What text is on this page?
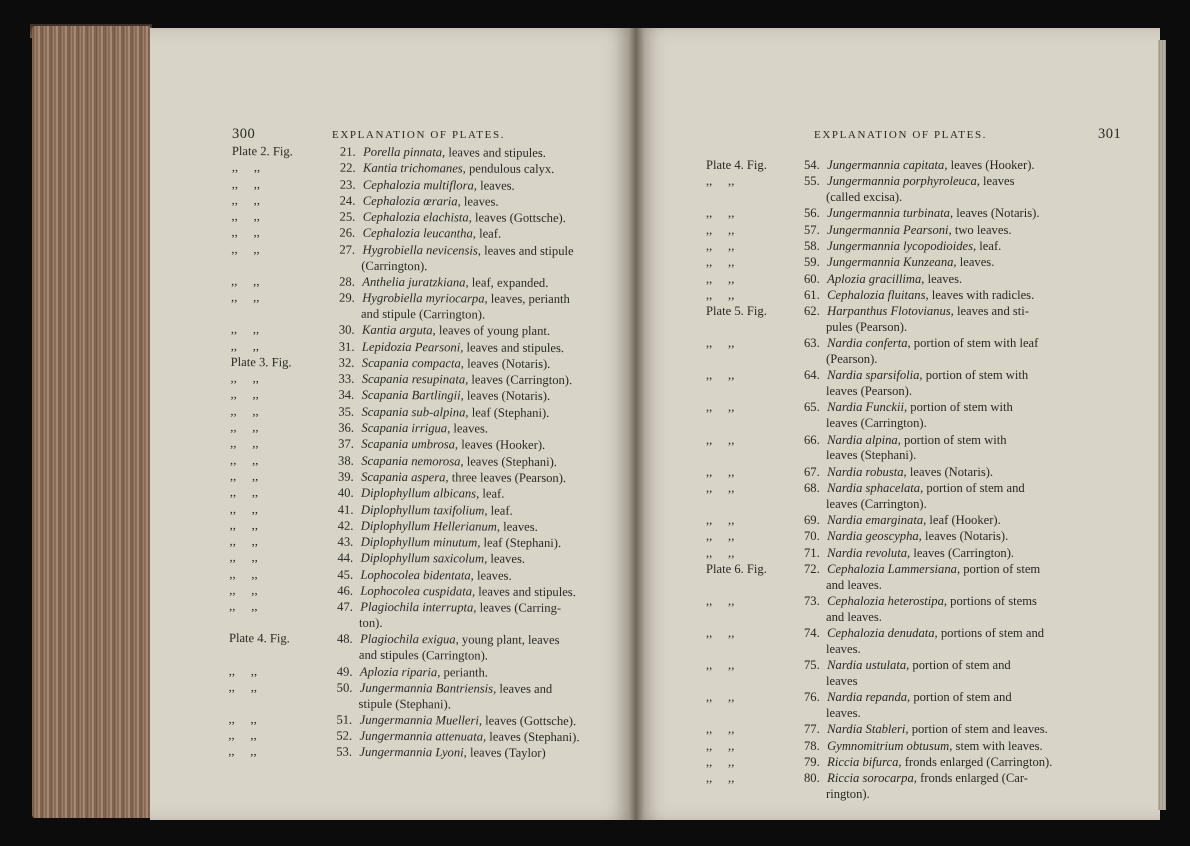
300	EXPLANATION OF PLATES.	EXPLANATION OF PLATES.	301
Plate 2. Fig.	21. Porella pinnata, leaves and stipules.
,,     ,,	22. Kantia trichomanes, pendulous calyx.
,,     ,,	23. Cephalozia multiflora, leaves.
,,     ,,	24. Cephalozia œraria, leaves.
,,     ,,	25. Cephalozia elachista, leaves (Gottsche).
,,     ,,	26. Cephalozia leucantha, leaf.
,,     ,,	27. Hygrobiella nevicensis, leaves and stipule
(Carrington).
,,     ,,	28. Anthelia juratzkiana, leaf, expanded.
,,     ,,	29. Hygrobiella myriocarpa, leaves, perianth
and stipule (Carrington).
,,     ,,	30. Kantia arguta, leaves of young plant.
,,     ,,	31. Lepidozia Pearsoni, leaves and stipules.
Plate 3. Fig.	32. Scapania compacta, leaves (Notaris).
,,     ,,	33. Scapania resupinata, leaves (Carrington).
,,     ,,	34. Scapania Bartlingii, leaves (Notaris).
,,     ,,	35. Scapania sub-alpina, leaf (Stephani).
,,     ,,	36. Scapania irrigua, leaves.
,,     ,,	37. Scapania umbrosa, leaves (Hooker).
,,     ,,	38. Scapania nemorosa, leaves (Stephani).
,,     ,,	39. Scapania aspera, three leaves (Pearson).
,,     ,,	40. Diplophyllum albicans, leaf.
,,     ,,	41. Diplophyllum taxifolium, leaf.
,,     ,,	42. Diplophyllum Hellerianum, leaves.
,,     ,,	43. Diplophyllum minutum, leaf (Stephani).
,,     ,,	44. Diplophyllum saxicolum, leaves.
,,     ,,	45. Lophocolea bidentata, leaves.
,,     ,,	46. Lophocolea cuspidata, leaves and stipules.
,,     ,,	47. Plagiochila interrupta, leaves (Carring-
ton).
Plate 4. Fig.	48. Plagiochila exigua, young plant, leaves
and stipules (Carrington).
,,     ,,	49. Aplozia riparia, perianth.
,,     ,,	50. Jungermannia Bantriensis, leaves and
stipule (Stephani).
,,     ,,	51. Jungermannia Muelleri, leaves (Gottsche).
,,     ,,	52. Jungermannia attenuata, leaves (Stephani).
,,     ,,	53. Jungermannia Lyoni, leaves (Taylor)
Plate 4. Fig.	54. Jungermannia capitata, leaves (Hooker).
,,     ,,	55. Jungermannia porphyroleuca, leaves
(called excisa).
,,     ,,	56. Jungermannia turbinata, leaves (Notaris).
,,     ,,	57. Jungermannia Pearsoni, two leaves.
,,     ,,	58. Jungermannia lycopodioides, leaf.
,,     ,,	59. Jungermannia Kunzeana, leaves.
,,     ,,	60. Aplozia gracillima, leaves.
,,     ,,	61. Cephalozia fluitans, leaves with radicles.
Plate 5. Fig.	62. Harpanthus Flotovianus, leaves and sti-
pules (Pearson).
,,     ,,	63. Nardia conferta, portion of stem with leaf
(Pearson).
,,     ,,	64. Nardia sparsifolia, portion of stem with
leaves (Pearson).
,,     ,,	65. Nardia Funckii, portion of stem with
leaves (Carrington).
,,     ,,	66. Nardia alpina, portion of stem with
leaves (Stephani).
,,     ,,	67. Nardia robusta, leaves (Notaris).
,,     ,,	68. Nardia sphacelata, portion of stem and
leaves (Carrington).
,,     ,,	69. Nardia emarginata, leaf (Hooker).
,,     ,,	70. Nardia geoscypha, leaves (Notaris).
,,     ,,	71. Nardia revoluta, leaves (Carrington).
Plate 6. Fig.	72. Cephalozia Lammersiana, portion of stem
and leaves.
,,     ,,	73. Cephalozia heterostipa, portions of stems
and leaves.
,,     ,,	74. Cephalozia denudata, portions of stem and
leaves.
,,     ,,	75. Nardia ustulata, portion of stem and
leaves
,,     ,,	76. Nardia repanda, portion of stem and
leaves.
,,     ,,	77. Nardia Stableri, portion of stem and leaves.
,,     ,,	78. Gymnomitrium obtusum, stem with leaves.
,,     ,,	79. Riccia bifurca, fronds enlarged (Carrington).
,,     ,,	80. Riccia sorocarpa, fronds enlarged (Car-
rington).
